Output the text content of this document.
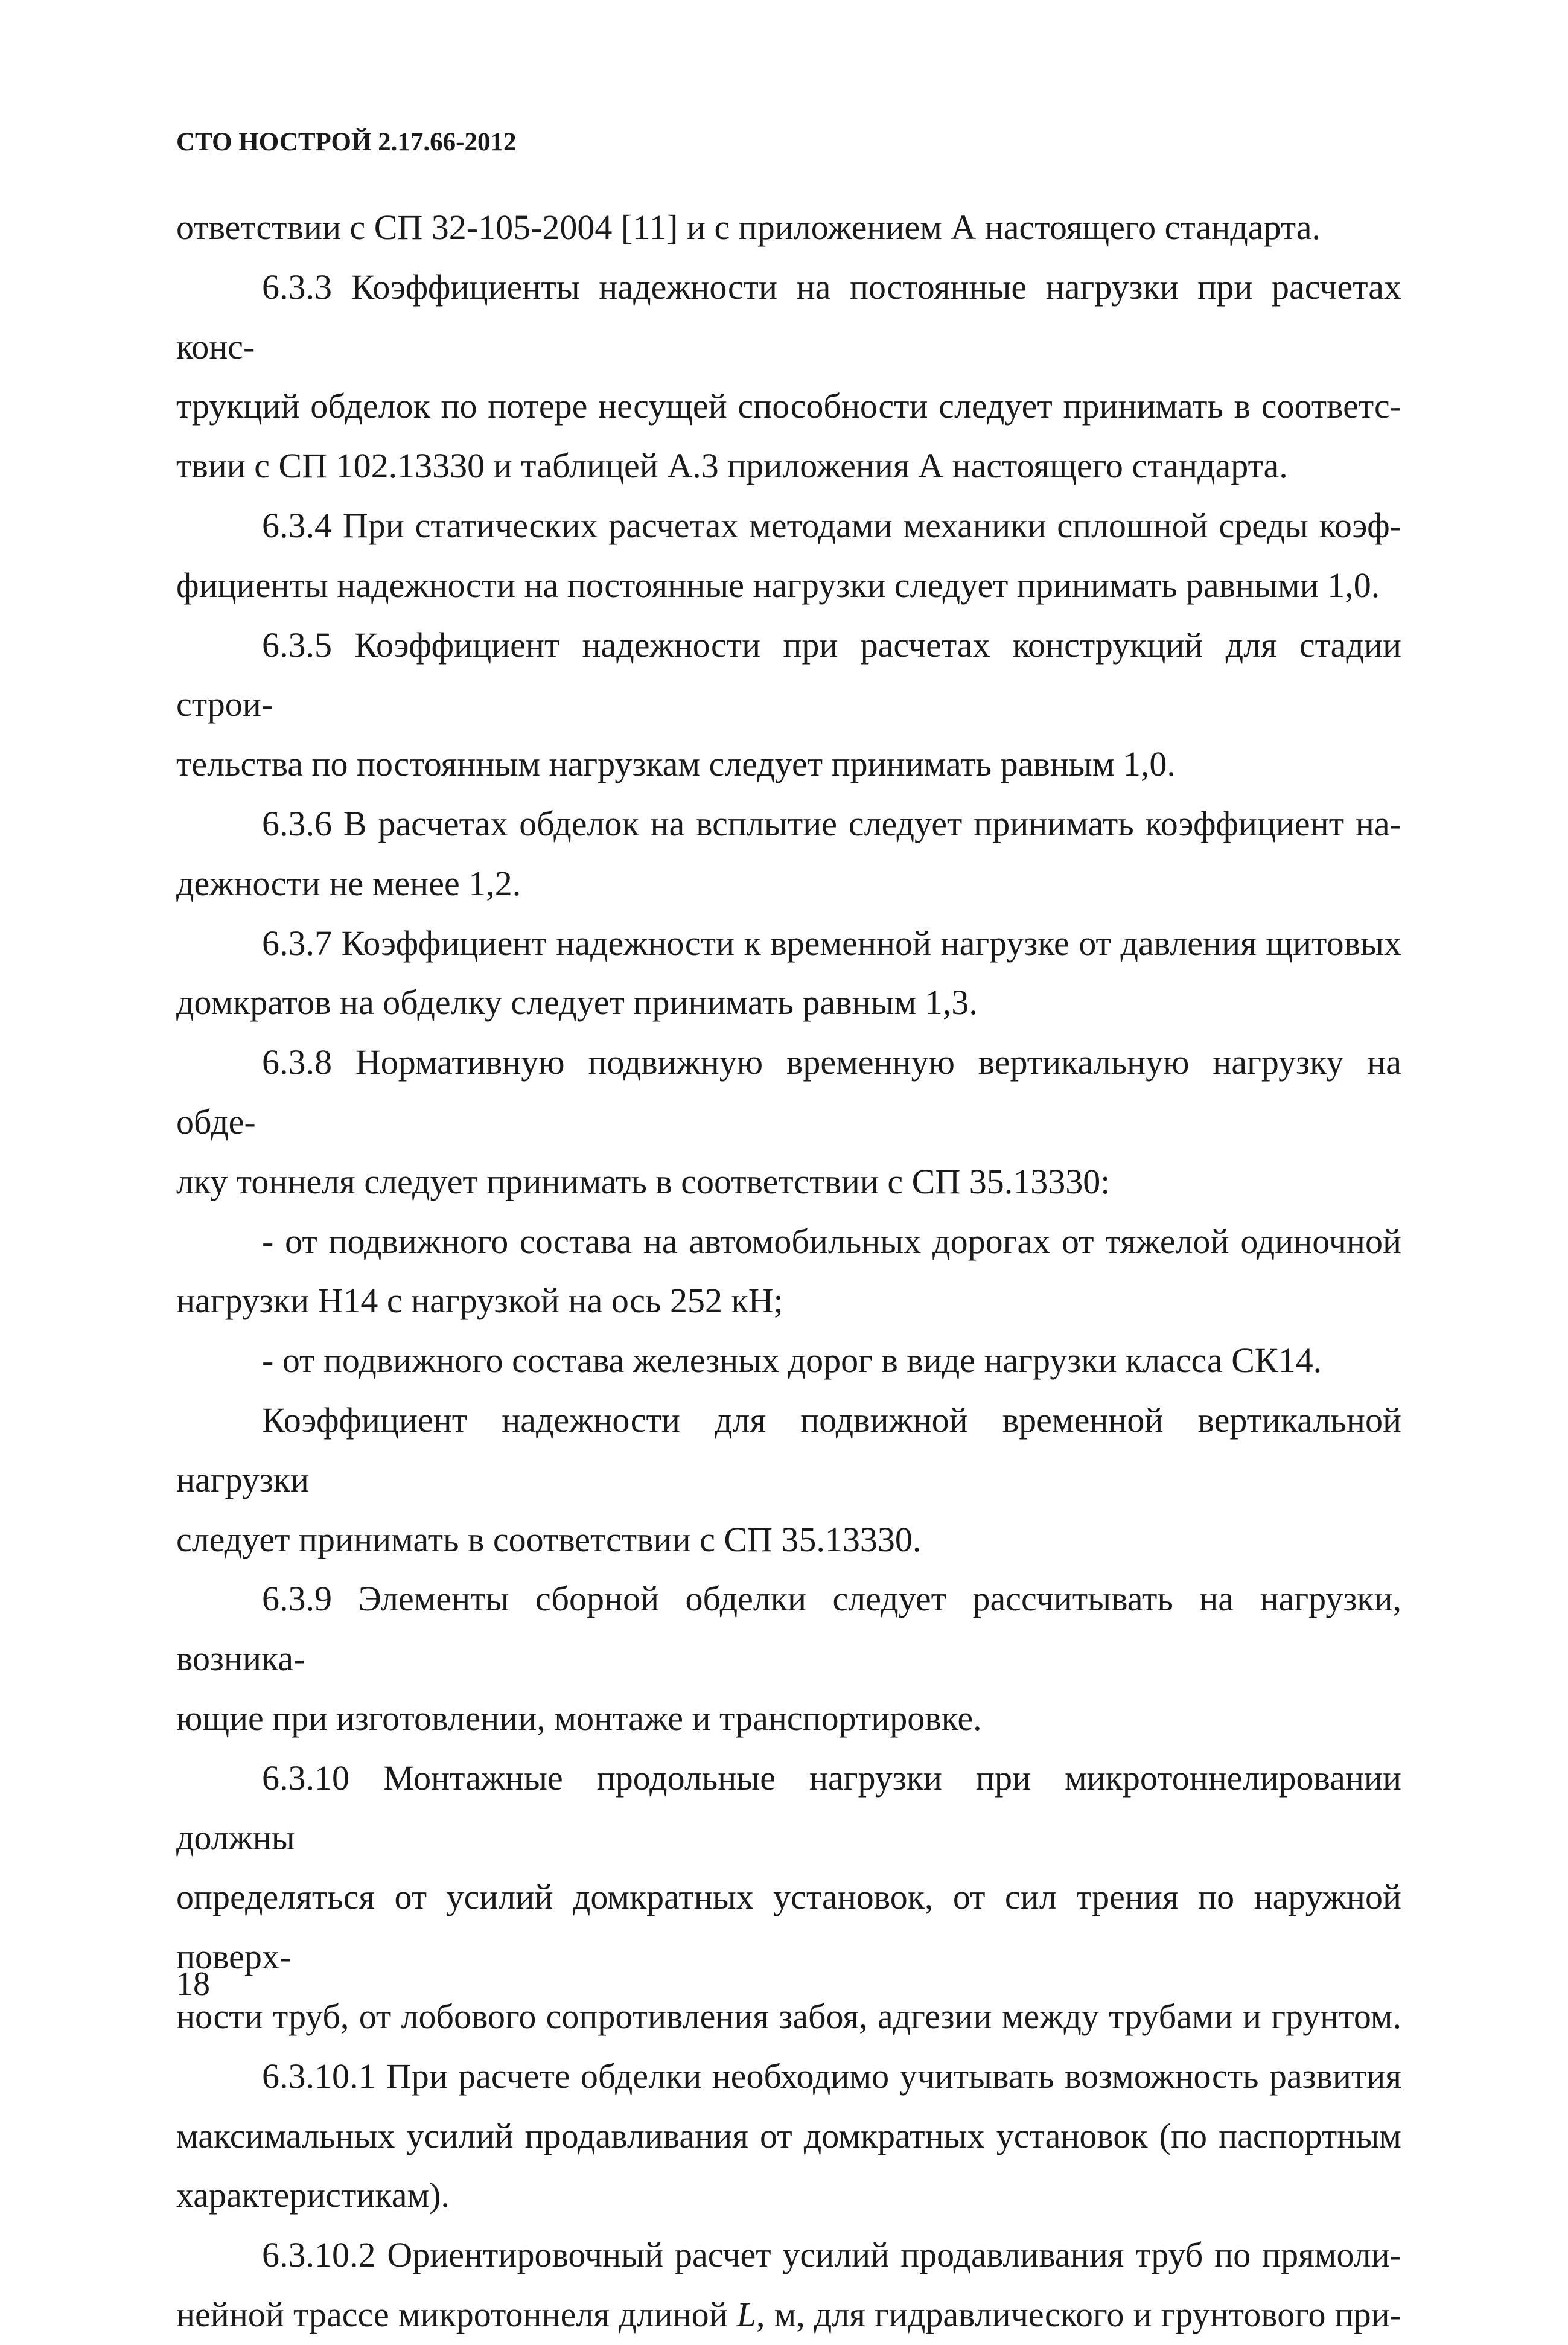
СТО НОСТРОЙ 2.17.66-2012

ответствии с СП 32-105-2004 [11] и с приложением А настоящего стандарта.

6.3.3 Коэффициенты надежности на постоянные нагрузки при расчетах конс-

трукций обделок по потере несущей способности следует принимать в соответс-
твии с СП 102.13330 и таблицей А.3 приложения А настоящего стандарта.

6.3.4 При статических расчетах методами механики сплошной среды коэф-

фициенты надежности на постоянные нагрузки следует принимать равными 1,0.

6.3.5 Коэффициент надежности при расчетах конструкций для стадии строи-

тельства по постоянным нагрузкам следует принимать равным 1,0.

6.3.6 В расчетах обделок на всплытие следует принимать коэффициент на-

дежности не менее 1,2.

6.3.7 Коэффициент надежности к временной нагрузке от давления щитовых

домкратов на обделку следует принимать равным 1,3.

6.3.8 Нормативную подвижную временную вертикальную нагрузку на обде-

лку тоннеля следует принимать в соответствии с СП 35.13330:

- от подвижного состава на автомобильных дорогах от тяжелой одиночной

нагрузки Н14 с нагрузкой на ось 252 кН;

- от подвижного состава железных дорог в виде нагрузки класса СК14.

Коэффициент надежности для подвижной временной вертикальной нагрузки

следует принимать в соответствии с СП 35.13330.

6.3.9 Элементы сборной обделки следует рассчитывать на нагрузки, возника-

ющие при изготовлении, монтаже и транспортировке.

6.3.10 Монтажные продольные нагрузки при микротоннелировании должны

определяться от усилий домкратных установок, от сил трения по наружной поверх-
ности труб, от лобового сопротивления забоя, адгезии между трубами и грунтом.

6.3.10.1 При расчете обделки необходимо учитывать возможность развития

максимальных усилий продавливания от домкратных установок (по паспортным
характеристикам).

6.3.10.2 Ориентировочный расчет усилий продавливания труб по прямоли-

нейной трассе микротоннеля длиной L, м, для гидравлического и грунтового при-

18
